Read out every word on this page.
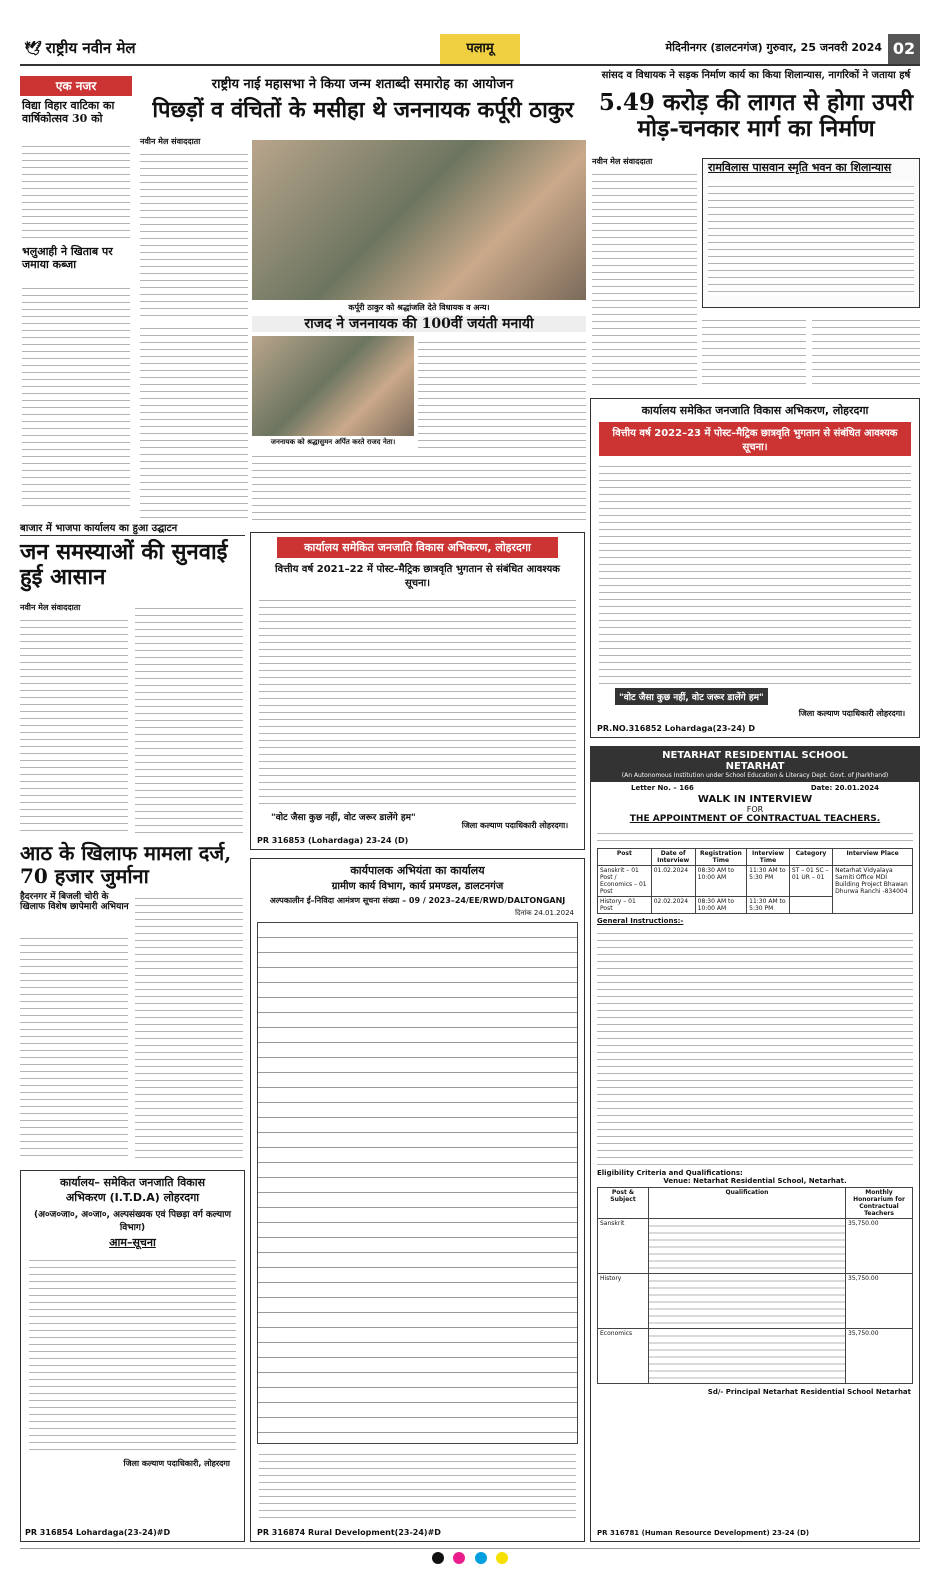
🕊 राष्ट्रीय नवीन मेल	पलामू	मेदिनीनगर (डालटनगंज) गुरुवार, 25 जनवरी 2024 02
एक नजर
विद्या विहार वाटिका का वार्षिकोत्सव 30 को
भलुआही ने खिताब पर जमाया कब्जा
बाजार में भाजपा कार्यालय का हुआ उद्घाटन
जन समस्याओं की सुनवाई हुई आसान
नवीन मेल संवाददाता
आठ के खिलाफ मामला दर्ज, 70 हजार जुर्माना
हैदरनगर में बिजली चोरी के खिलाफ विशेष छापेमारी अभियान
कार्यालय– समेकित जनजाति विकास अभिकरण (I.T.D.A) लोहरदगा
(अ०ज०जा०, अ०जा०, अल्पसंख्यक एवं पिछड़ा वर्ग कल्याण विभाग)
आम–सूचना
जिला कल्याण पदाधिकारी, लोहरदगा
PR 316854 Lohardaga(23-24)#D
राष्ट्रीय नाई महासभा ने किया जन्म शताब्दी समारोह का आयोजन
पिछड़ों व वंचितों के मसीहा थे जननायक कर्पूरी ठाकुर
नवीन मेल संवाददाता
कर्पूरी ठाकुर को श्रद्धांजलि देते विधायक व अन्य।
राजद ने जननायक की 100वीं जयंती मनायी
जननायक को श्रद्धासुमन अर्पित करते राजद नेता।
कार्यालय समेकित जनजाति विकास अभिकरण, लोहरदगा
वित्तीय वर्ष 2021–22 में पोस्ट–मैट्रिक छात्रवृति भुगतान से संबंधित आवश्यक सूचना।
"वोट जैसा कुछ नहीं, वोट जरूर डालेंगे हम"
जिला कल्याण पदाधिकारी लोहरदगा।
PR 316853 (Lohardaga) 23-24 (D)
कार्यपालक अभियंता का कार्यालय
ग्रामीण कार्य विभाग, कार्य प्रमण्डल, डालटनगंज
अल्पकालीन ई–निविदा आमंत्रण सूचना संख्या – 09 / 2023–24/EE/RWD/DALTONGANJ
दिनांक 24.01.2024
PR 316874 Rural Development(23-24)#D
सांसद व विधायक ने सड़क निर्माण कार्य का किया शिलान्यास, नागरिकों ने जताया हर्ष
5.49 करोड़ की लागत से होगा उपरी मोड़-चनकार मार्ग का निर्माण
नवीन मेल संवाददाता	रामविलास पासवान स्मृति भवन का शिलान्यास
कार्यालय समेकित जनजाति विकास अभिकरण, लोहरदगा
वित्तीय वर्ष 2022–23 में पोस्ट–मैट्रिक छात्रवृति भुगतान से संबंधित आवश्यक सूचना।
"वोट जैसा कुछ नहीं, वोट जरूर डालेंगे हम"
जिला कल्याण पदाधिकारी लोहरदगा।
PR.NO.316852 Lohardaga(23-24) D
NETARHAT RESIDENTIAL SCHOOL
NETARHAT
(An Autonomous Institution under School Education & Literacy Dept. Govt. of Jharkhand)
Letter No. – 166	Date: 20.01.2024
WALK IN INTERVIEW
FOR
THE APPOINTMENT OF CONTRACTUAL TEACHERS.
Post	Date of Interview	Registration Time	Interview Time	Category	Interview Place
Sanskrit – 01 Post / Economics – 01 Post	01.02.2024	08:30 AM to 10:00 AM	11:30 AM to 5:30 PM	ST – 01 SC – 01 UR – 01	Netarhat Vidyalaya Samiti Office MDI Building Project Bhawan Dhurwa Ranchi -834004
History – 01 Post	02.02.2024	08:30 AM to 10:00 AM	11:30 AM to 5:30 PM		
General Instructions:-
Eligibility Criteria and Qualifications:
Venue: Netarhat Residential School, Netarhat.
Post & Subject	Qualification	Monthly Honorarium for Contractual Teachers
Sanskrit		35,750.00
History		35,750.00
Economics		35,750.00
Sd/- Principal Netarhat Residential School Netarhat
PR 316781 (Human Resource Development) 23-24 (D)
